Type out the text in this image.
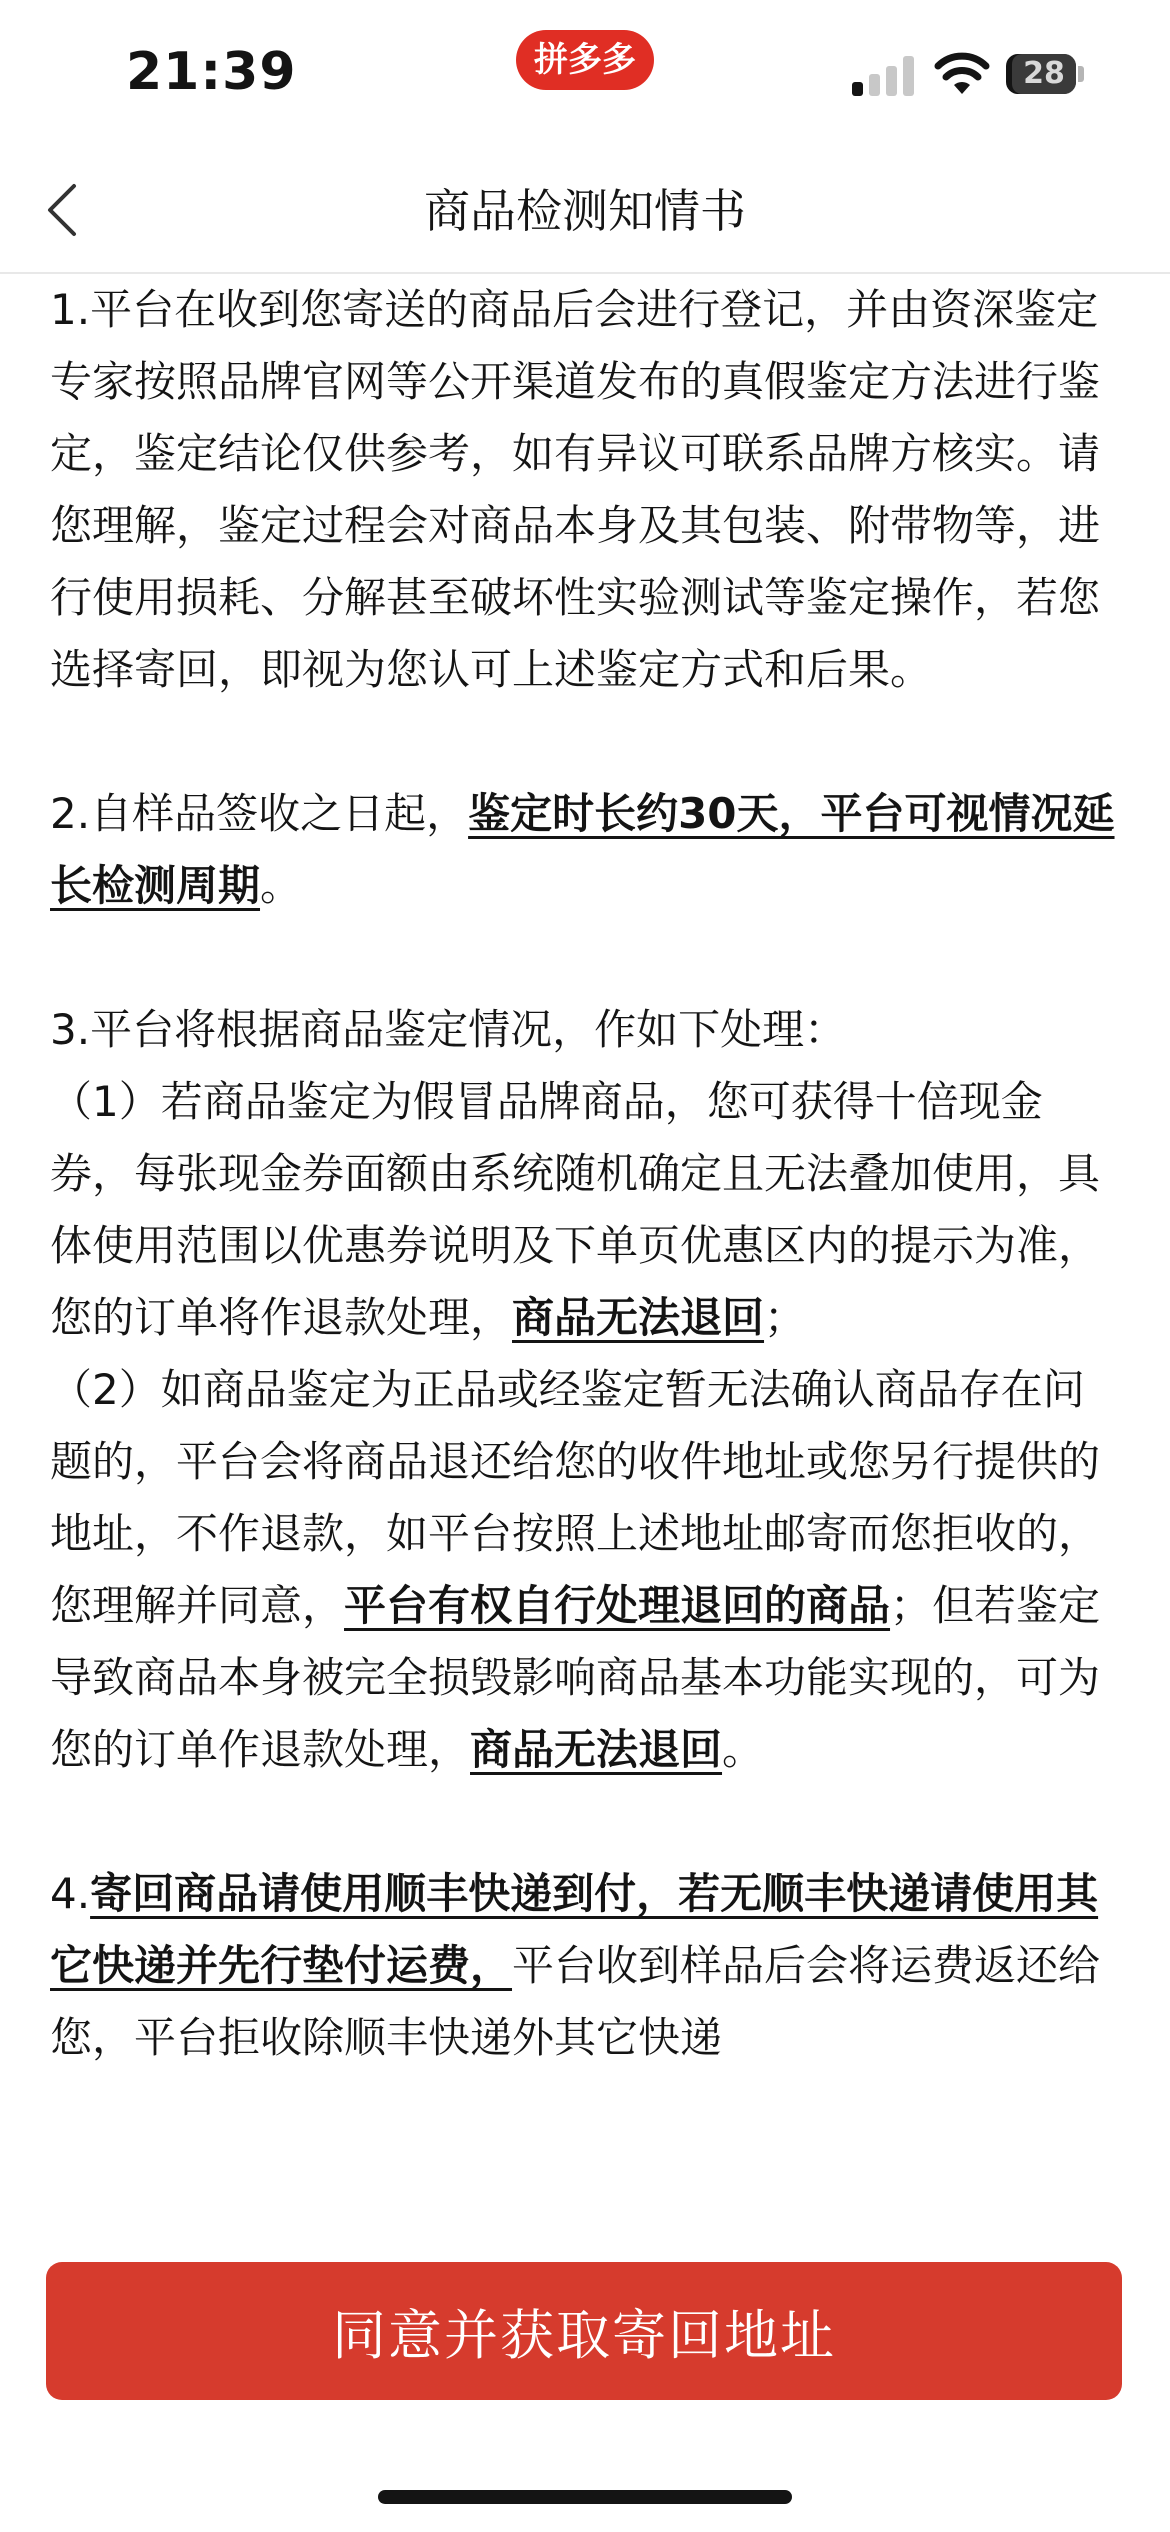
21:39	拼多多	28
商品检测知情书

1.平台在收到您寄送的商品后会进行登记，并由资深鉴定专家按照品牌官网等公开渠道发布的真假鉴定方法进行鉴定，鉴定结论仅供参考，如有异议可联系品牌方核实。请您理解，鉴定过程会对商品本身及其包装、附带物等，进行使用损耗、分解甚至破坏性实验测试等鉴定操作，若您选择寄回，即视为您认可上述鉴定方式和后果。

2.自样品签收之日起，鉴定时长约30天，平台可视情况延长检测周期。

3.平台将根据商品鉴定情况，作如下处理：

（1）若商品鉴定为假冒品牌商品，您可获得十倍现金券，每张现金券面额由系统随机确定且无法叠加使用，具体使用范围以优惠券说明及下单页优惠区内的提示为准，您的订单将作退款处理，商品无法退回；

（2）如商品鉴定为正品或经鉴定暂无法确认商品存在问题的，平台会将商品退还给您的收件地址或您另行提供的地址，不作退款，如平台按照上述地址邮寄而您拒收的，您理解并同意，平台有权自行处理退回的商品；但若鉴定导致商品本身被完全损毁影响商品基本功能实现的，可为您的订单作退款处理，商品无法退回。

4.寄回商品请使用顺丰快递到付，若无顺丰快递请使用其它快递并先行垫付运费，平台收到样品后会将运费返还给您，平台拒收除顺丰快递外其它快递

同意并获取寄回地址
